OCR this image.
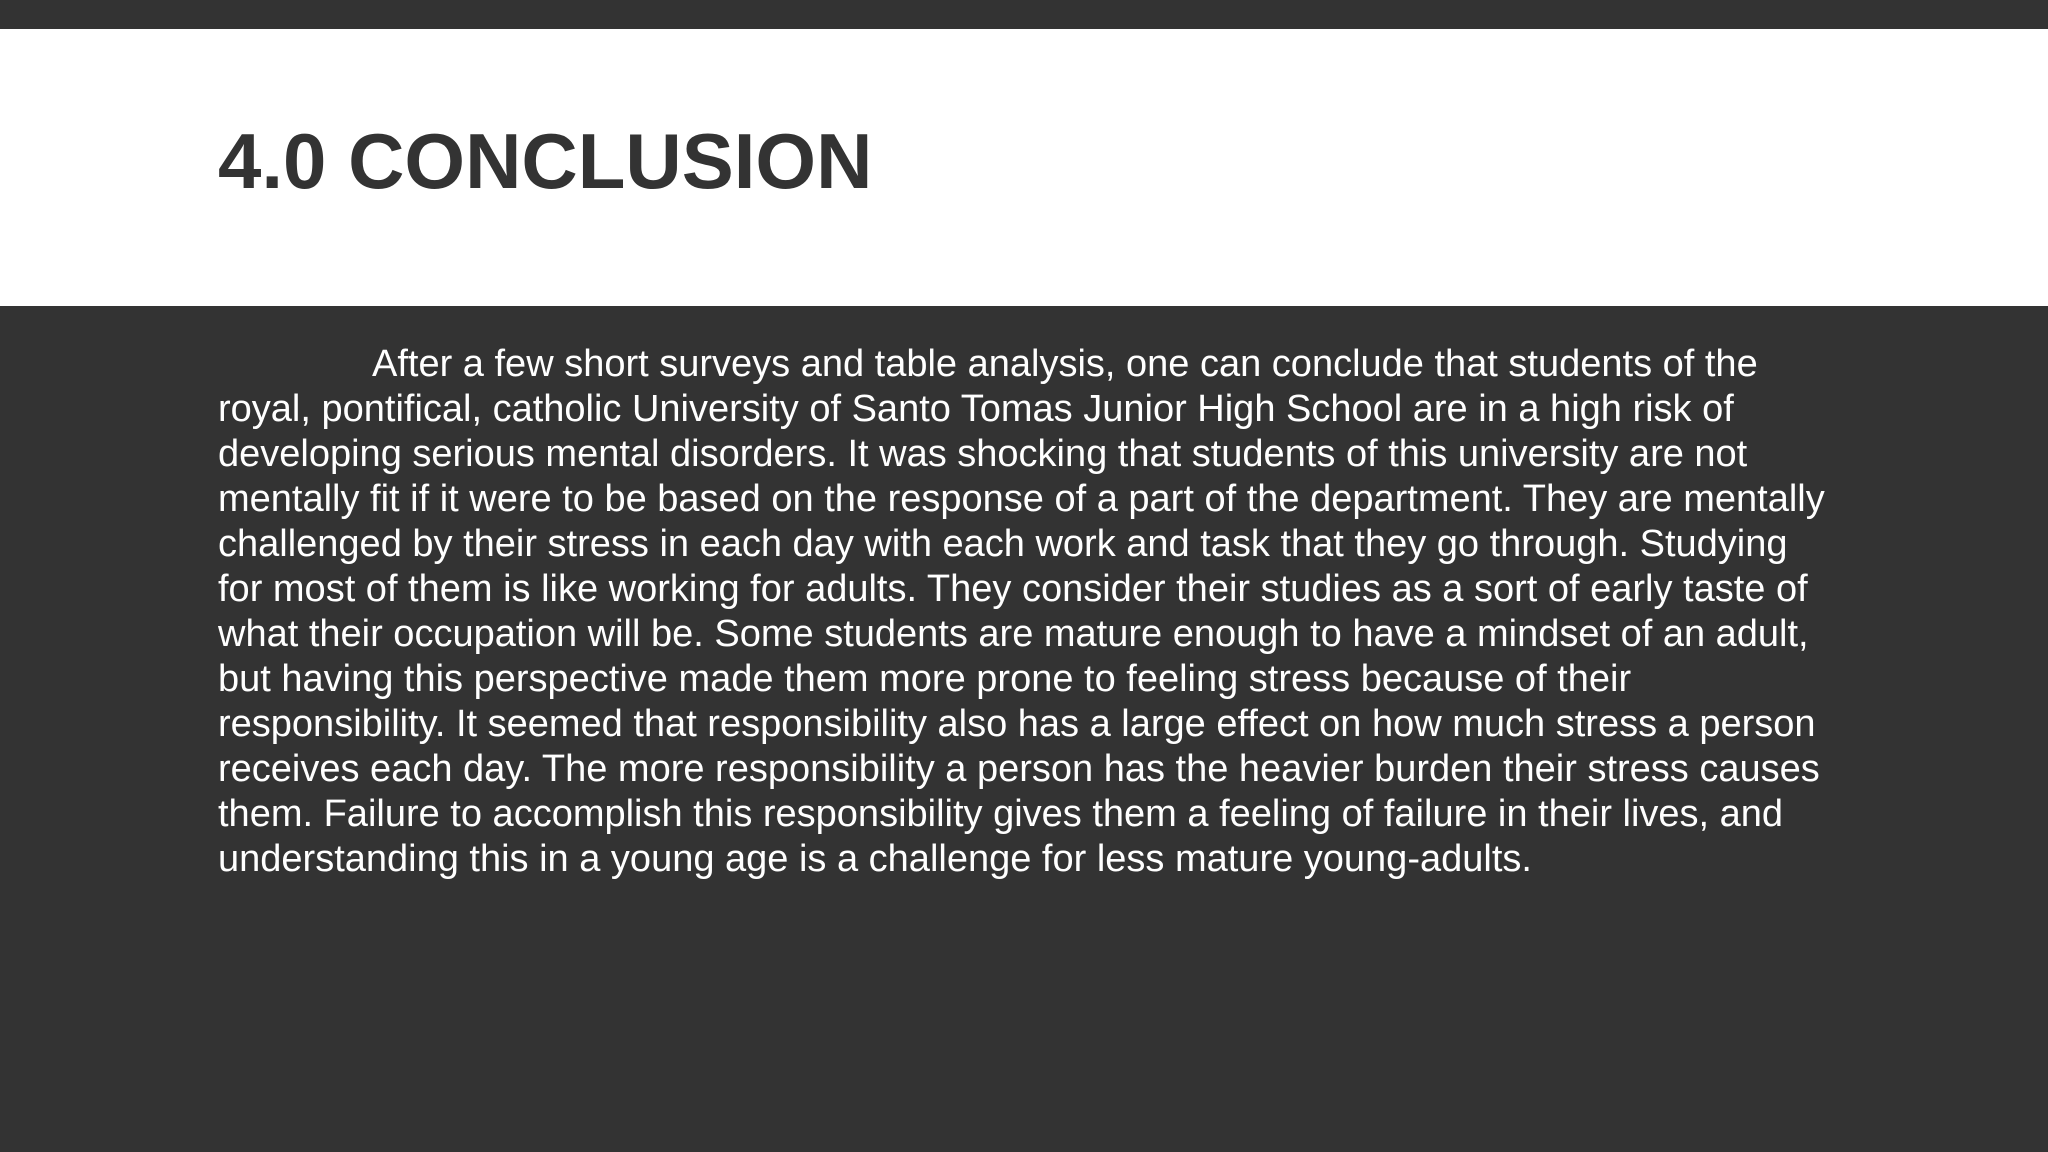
4.0 CONCLUSION

After a few short surveys and table analysis, one can conclude that students of the royal, pontifical, catholic University of Santo Tomas Junior High School are in a high risk of developing serious mental disorders. It was shocking that students of this university are not mentally fit if it were to be based on the response of a part of the department. They are mentally challenged by their stress in each day with each work and task that they go through. Studying for most of them is like working for adults. They consider their studies as a sort of early taste of what their occupation will be. Some students are mature enough to have a mindset of an adult, but having this perspective made them more prone to feeling stress because of their responsibility. It seemed that responsibility also has a large effect on how much stress a person receives each day. The more responsibility a person has the heavier burden their stress causes them. Failure to accomplish this responsibility gives them a feeling of failure in their lives, and understanding this in a young age is a challenge for less mature young-adults.
